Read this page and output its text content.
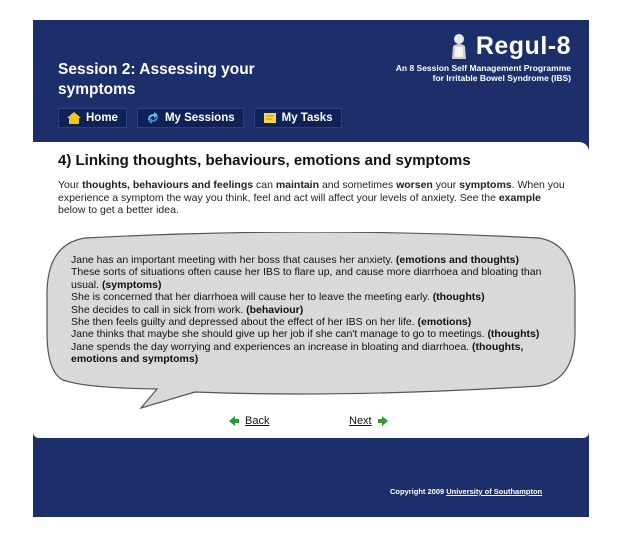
Session 2: Assessing your symptoms
Regul-8
An 8 Session Self Management Programme
for Irritable Bowel Syndrome (IBS)
Home	My Sessions	My Tasks
4) Linking thoughts, behaviours, emotions and symptoms
Your thoughts, behaviours and feelings can maintain and sometimes worsen your symptoms. When you experience a symptom the way you think, feel and act will affect your levels of anxiety. See the example below to get a better idea.

Jane has an important meeting with her boss that causes her anxiety. (emotions and thoughts)

These sorts of situations often cause her IBS to flare up, and cause more diarrhoea and bloating than usual. (symptoms)

She is concerned that her diarrhoea will cause her to leave the meeting early. (thoughts)

She decides to call in sick from work. (behaviour)

She then feels guilty and depressed about the effect of her IBS on her life. (emotions)

Jane thinks that maybe she should give up her job if she can't manage to go to meetings. (thoughts)

Jane spends the day worrying and experiences an increase in bloating and diarrhoea. (thoughts, emotions and symptoms)

Back	Next
Copyright 2009 University of Southampton
